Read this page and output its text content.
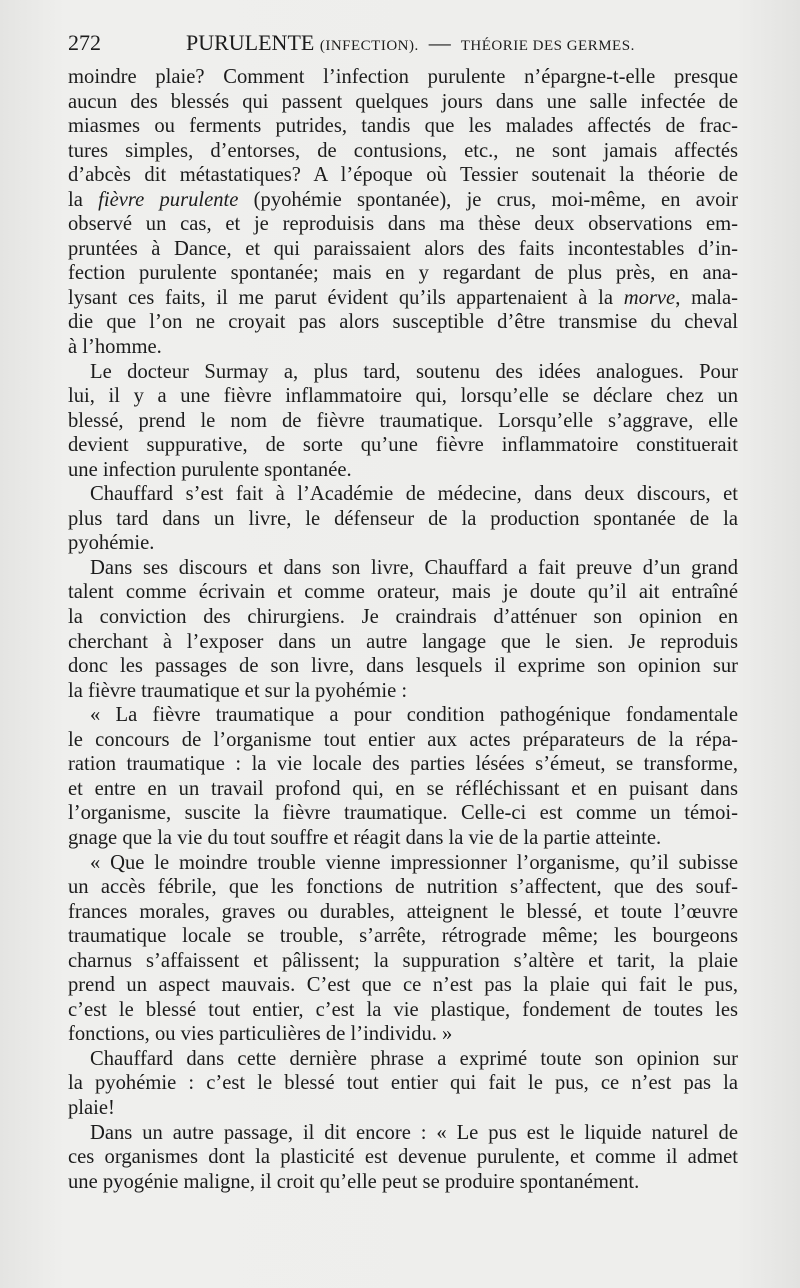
272	PURULENTE (INFECTION). — THÉORIE DES GERMES.
moindre plaie? Comment l’infection purulente n’épargne-t-elle presque
aucun des blessés qui passent quelques jours dans une salle infectée de
miasmes ou ferments putrides, tandis que les malades affectés de frac-
tures simples, d’entorses, de contusions, etc., ne sont jamais affectés
d’abcès dit métastatiques? A l’époque où Tessier soutenait la théorie de
la fièvre purulente (pyohémie spontanée), je crus, moi-même, en avoir
observé un cas, et je reproduisis dans ma thèse deux observations em-
pruntées à Dance, et qui paraissaient alors des faits incontestables d’in-
fection purulente spontanée; mais en y regardant de plus près, en ana-
lysant ces faits, il me parut évident qu’ils appartenaient à la morve, mala-
die que l’on ne croyait pas alors susceptible d’être transmise du cheval
à l’homme.
Le docteur Surmay a, plus tard, soutenu des idées analogues. Pour
lui, il y a une fièvre inflammatoire qui, lorsqu’elle se déclare chez un
blessé, prend le nom de fièvre traumatique. Lorsqu’elle s’aggrave, elle
devient suppurative, de sorte qu’une fièvre inflammatoire constituerait
une infection purulente spontanée.
Chauffard s’est fait à l’Académie de médecine, dans deux discours, et
plus tard dans un livre, le défenseur de la production spontanée de la
pyohémie.
Dans ses discours et dans son livre, Chauffard a fait preuve d’un grand
talent comme écrivain et comme orateur, mais je doute qu’il ait entraîné
la conviction des chirurgiens. Je craindrais d’atténuer son opinion en
cherchant à l’exposer dans un autre langage que le sien. Je reproduis
donc les passages de son livre, dans lesquels il exprime son opinion sur
la fièvre traumatique et sur la pyohémie :
« La fièvre traumatique a pour condition pathogénique fondamentale
le concours de l’organisme tout entier aux actes préparateurs de la répa-
ration traumatique : la vie locale des parties lésées s’émeut, se transforme,
et entre en un travail profond qui, en se réfléchissant et en puisant dans
l’organisme, suscite la fièvre traumatique. Celle-ci est comme un témoi-
gnage que la vie du tout souffre et réagit dans la vie de la partie atteinte.
« Que le moindre trouble vienne impressionner l’organisme, qu’il subisse
un accès fébrile, que les fonctions de nutrition s’affectent, que des souf-
frances morales, graves ou durables, atteignent le blessé, et toute l’œuvre
traumatique locale se trouble, s’arrête, rétrograde même; les bourgeons
charnus s’affaissent et pâlissent; la suppuration s’altère et tarit, la plaie
prend un aspect mauvais. C’est que ce n’est pas la plaie qui fait le pus,
c’est le blessé tout entier, c’est la vie plastique, fondement de toutes les
fonctions, ou vies particulières de l’individu. »
Chauffard dans cette dernière phrase a exprimé toute son opinion sur
la pyohémie : c’est le blessé tout entier qui fait le pus, ce n’est pas la
plaie!
Dans un autre passage, il dit encore : « Le pus est le liquide naturel de
ces organismes dont la plasticité est devenue purulente, et comme il admet
une pyogénie maligne, il croit qu’elle peut se produire spontanément.
